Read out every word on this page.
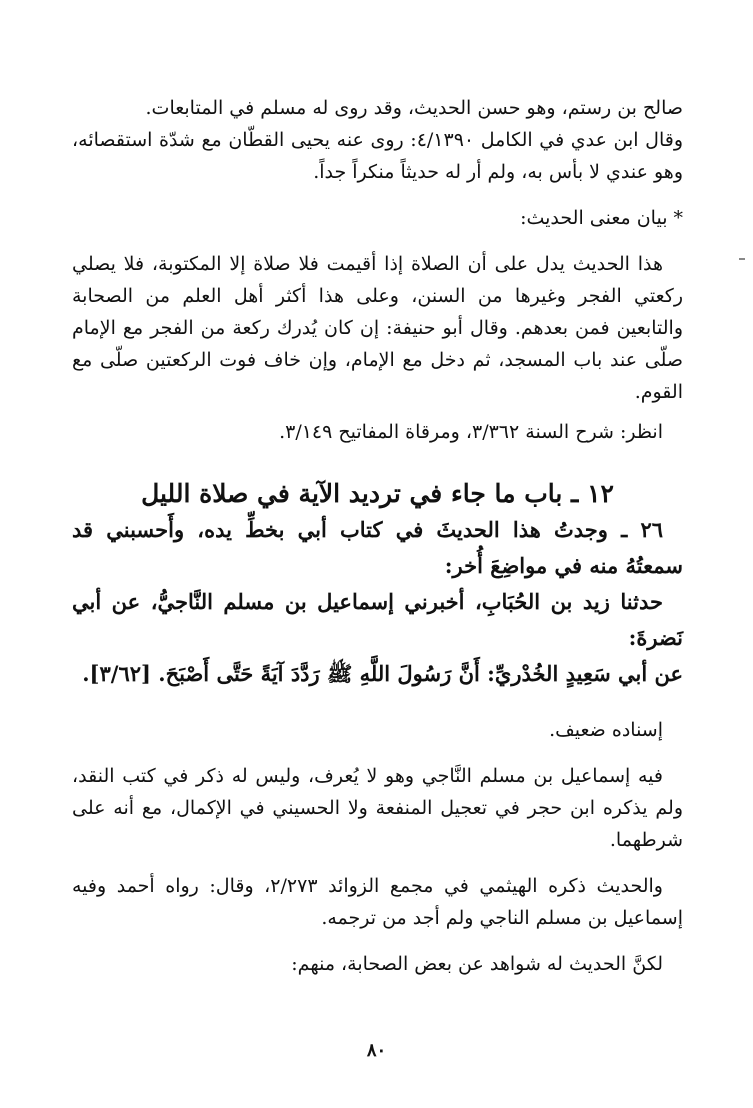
صالح بن رستم، وهو حسن الحديث، وقد روى له مسلم في المتابعات.

وقال ابن عدي في الكامل ٤/١٣٩٠: روى عنه يحيى القطّان مع شدّة استقصائه، وهو عندي لا بأس به، ولم أر له حديثاً منكراً جداً.

*بيان معنى الحديث:

هذا الحديث يدل على أن الصلاة إذا أقيمت فلا صلاة إلا المكتوبة، فلا يصلي ركعتي الفجر وغيرها من السنن، وعلى هذا أكثر أهل العلم من الصحابة والتابعين فمن بعدهم. وقال أبو حنيفة: إن كان يُدرك ركعة من الفجر مع الإمام صلّى عند باب المسجد، ثم دخل مع الإمام، وإن خاف فوت الركعتين صلّى مع القوم.

انظر: شرح السنة ٣/٣٦٢، ومرقاة المفاتيح ٣/١٤٩.

١٢ ـ باب ما جاء في ترديد الآية في صلاة الليل

٢٦ ـ وجدتُ هذا الحديثَ في كتاب أبي بخطِّ يده، وأَحسبني قد سمعتُهُ منه في مواضِعَ أُخر:

حدثنا زيد بن الحُبَابِ، أخبرني إسماعيل بن مسلم النَّاجيُّ، عن أبي نَضرةَ:

عن أبي سَعِيدٍ الخُدْريِّ: أَنَّ رَسُولَ اللَّهِ ﷺ رَدَّدَ آيَةً حَتَّى أَصْبَحَ. [٣/٦٢].

إسناده ضعيف.

فيه إسماعيل بن مسلم النَّاجي وهو لا يُعرف، وليس له ذكر في كتب النقد، ولم يذكره ابن حجر في تعجيل المنفعة ولا الحسيني في الإكمال، مع أنه على شرطهما.

والحديث ذكره الهيثمي في مجمع الزوائد ٢/٢٧٣، وقال: رواه أحمد وفيه إسماعيل بن مسلم الناجي ولم أجد من ترجمه.

لكنَّ الحديث له شواهد عن بعض الصحابة، منهم:

٨٠
